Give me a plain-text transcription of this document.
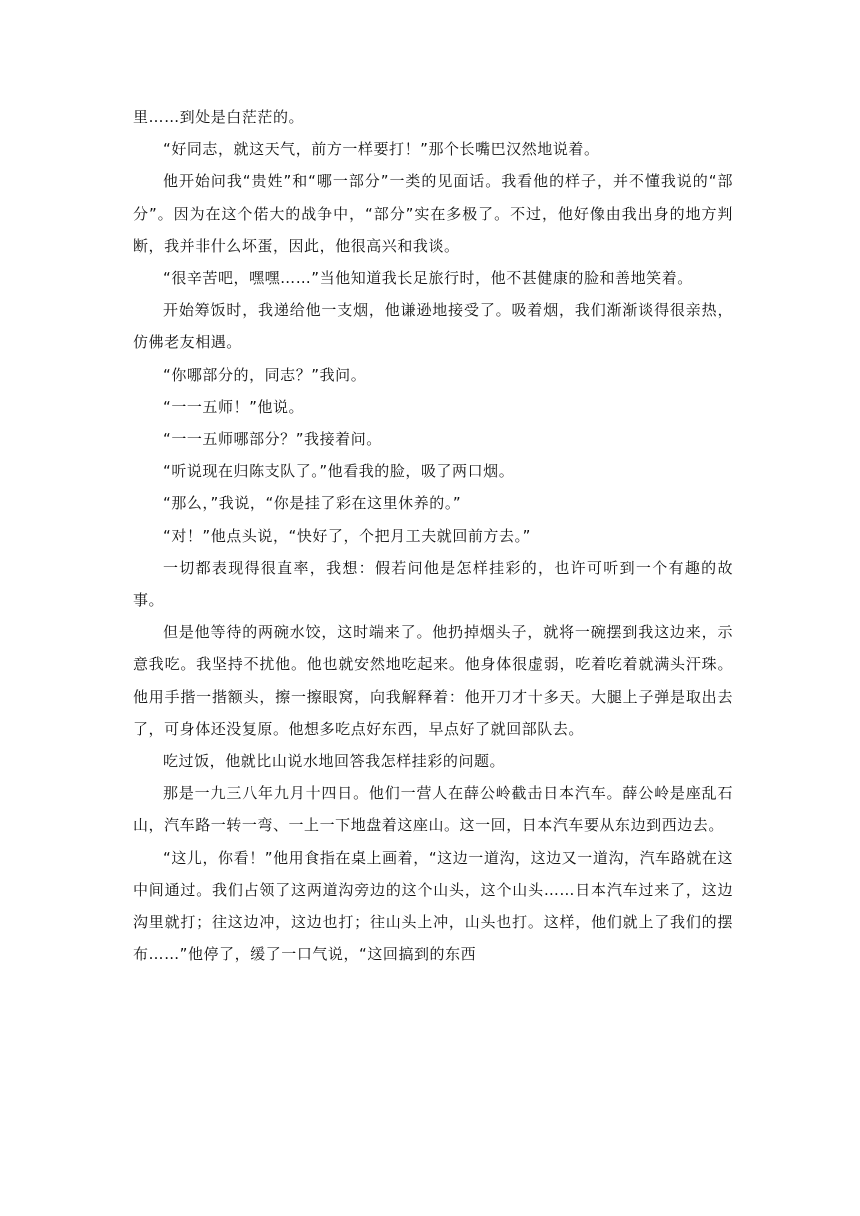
里……到处是白茫茫的。

“好同志，就这天气，前方一样要打！”那个长嘴巴汉然地说着。

他开始问我“贵姓”和“哪一部分”一类的见面话。我看他的样子，并不懂我说的“部分”。因为在这个偌大的战争中，“部分”实在多极了。不过，他好像由我出身的地方判断，我并非什么坏蛋，因此，他很高兴和我谈。

“很辛苦吧，嘿嘿……”当他知道我长足旅行时，他不甚健康的脸和善地笑着。

开始筹饭时，我递给他一支烟，他谦逊地接受了。吸着烟，我们渐渐谈得很亲热，仿佛老友相遇。

“你哪部分的，同志？”我问。

“一一五师！”他说。

“一一五师哪部分？”我接着问。

“听说现在归陈支队了。”他看我的脸，吸了两口烟。

“那么，”我说，“你是挂了彩在这里休养的。”

“对！”他点头说，“快好了，个把月工夫就回前方去。”

一切都表现得很直率，我想：假若问他是怎样挂彩的，也许可听到一个有趣的故事。

但是他等待的两碗水饺，这时端来了。他扔掉烟头子，就将一碗摆到我这边来，示意我吃。我坚持不扰他。他也就安然地吃起来。他身体很虚弱，吃着吃着就满头汗珠。他用手揩一揩额头，擦一擦眼窝，向我解释着：他开刀才十多天。大腿上子弹是取出去了，可身体还没复原。他想多吃点好东西，早点好了就回部队去。

吃过饭，他就比山说水地回答我怎样挂彩的问题。

那是一九三八年九月十四日。他们一营人在薛公岭截击日本汽车。薛公岭是座乱石山，汽车路一转一弯、一上一下地盘着这座山。这一回，日本汽车要从东边到西边去。

“这儿，你看！”他用食指在桌上画着，“这边一道沟，这边又一道沟，汽车路就在这中间通过。我们占领了这两道沟旁边的这个山头，这个山头……日本汽车过来了，这边沟里就打；往这边冲，这边也打；往山头上冲，山头也打。这样，他们就上了我们的摆布……”他停了，缓了一口气说，“这回搞到的东西
